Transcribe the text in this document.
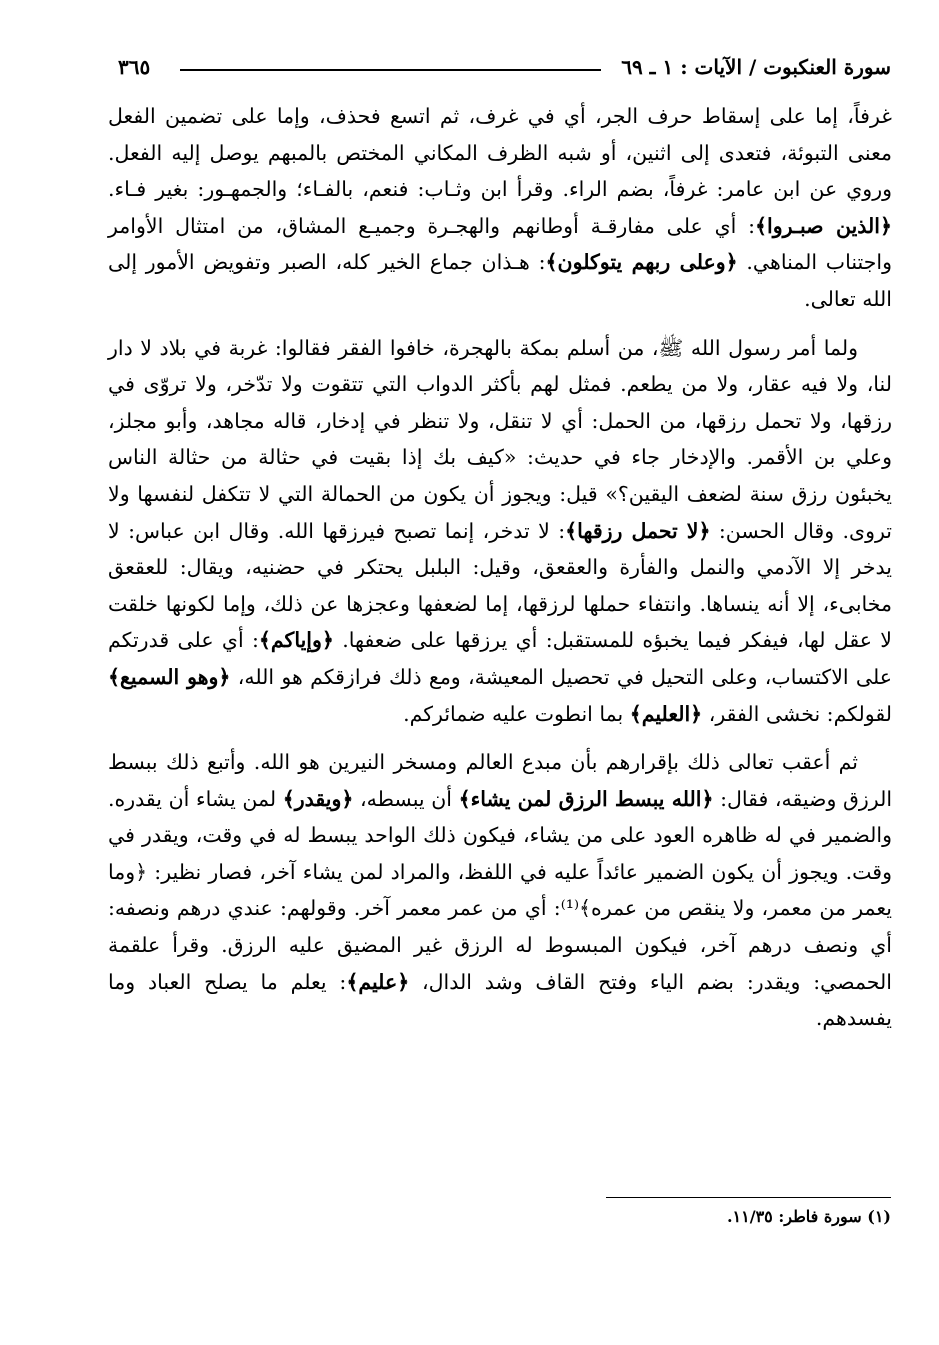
سورة العنكبوت / الآيات : ١ ـ ٦٩
٣٦٥

غرفاً، إما على إسقاط حرف الجر، أي في غرف، ثم اتسع فحذف، وإما على تضمين الفعل معنى التبوئة، فتعدى إلى اثنين، أو شبه الظرف المكاني المختص بالمبهم يوصل إليه الفعل. وروي عن ابن عامر: غرفاً، بضم الراء. وقرأ ابن وثـاب: فنعم، بالفـاء؛ والجمهـور: بغير فـاء. ﴿الذين صبـروا﴾: أي على مفارقـة أوطانهم والهجـرة وجميـع المشاق، من امتثال الأوامر واجتناب المناهي. ﴿وعلى ربهم يتوكلون﴾: هـذان جماع الخير كله، الصبر وتفويض الأمور إلى الله تعالى.

ولما أمر رسول الله ﷺ، من أسلم بمكة بالهجرة، خافوا الفقر فقالوا: غربة في بلاد لا دار لنا، ولا فيه عقار، ولا من يطعم. فمثل لهم بأكثر الدواب التي تتقوت ولا تدّخر، ولا تروّى في رزقها، ولا تحمل رزقها، من الحمل: أي لا تنقل، ولا تنظر في إدخار، قاله مجاهد، وأبو مجلز، وعلي بن الأقمر. والإدخار جاء في حديث: «كيف بك إذا بقيت في حثالة من حثالة الناس يخبئون رزق سنة لضعف اليقين؟» قيل: ويجوز أن يكون من الحمالة التي لا تتكفل لنفسها ولا تروى. وقال الحسن: ﴿لا تحمل رزقها﴾: لا تدخر، إنما تصبح فيرزقها الله. وقال ابن عباس: لا يدخر إلا الآدمي والنمل والفأرة والعقعق، وقيل: البلبل يحتكر في حضنيه، ويقال: للعقعق مخابىء، إلا أنه ينساها. وانتفاء حملها لرزقها، إما لضعفها وعجزها عن ذلك، وإما لكونها خلقت لا عقل لها، فيفكر فيما يخبؤه للمستقبل: أي يرزقها على ضعفها. ﴿وإياكم﴾: أي على قدرتكم على الاكتساب، وعلى التحيل في تحصيل المعيشة، ومع ذلك فرازقكم هو الله، ﴿وهو السميع﴾ لقولكم: نخشى الفقر، ﴿العليم﴾ بما انطوت عليه ضمائركم.

ثم أعقب تعالى ذلك بإقرارهم بأن مبدع العالم ومسخر النيرين هو الله. وأتبع ذلك ببسط الرزق وضيقه، فقال: ﴿الله يبسط الرزق لمن يشاء﴾ أن يبسطه، ﴿ويقدر﴾ لمن يشاء أن يقدره. والضمير في له ظاهره العود على من يشاء، فيكون ذلك الواحد يبسط له في وقت، ويقدر في وقت. ويجوز أن يكون الضمير عائداً عليه في اللفظ، والمراد لمن يشاء آخر، فصار نظير: ﴿وما يعمر من معمر، ولا ينقص من عمره﴾⁽¹⁾: أي من عمر معمر آخر. وقولهم: عندي درهم ونصفه: أي ونصف درهم آخر، فيكون المبسوط له الرزق غير المضيق عليه الرزق. وقرأ علقمة الحمصي: ويقدر: بضم الياء وفتح القاف وشد الدال، ﴿عليم﴾: يعلم ما يصلح العباد وما يفسدهم.

(١) سورة فاطر: ١١/٣٥.
